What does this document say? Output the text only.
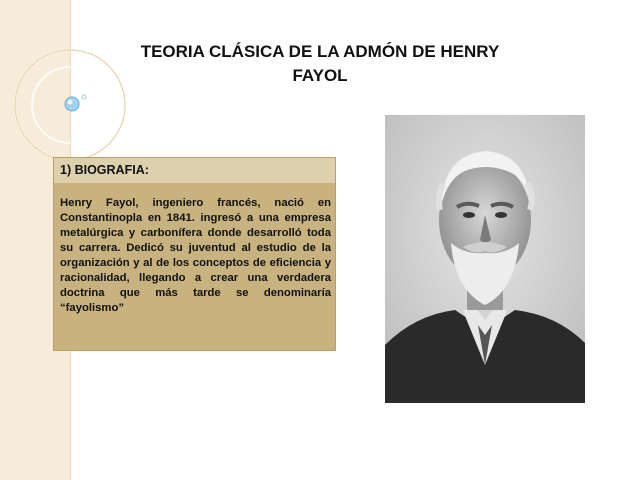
TEORIA CLÁSICA DE LA ADMÓN DE HENRY
FAYOL
1) BIOGRAFIA:
Henry Fayol, ingeniero francés, nació en Constantinopla en 1841. ingresó a una empresa metalúrgica y carbonífera donde desarrolló toda su carrera. Dedicó su juventud al estudio de la organización y al de los conceptos de eficiencia y racionalidad, llegando a crear una verdadera doctrina que más tarde se denominaría “fayolismo”
